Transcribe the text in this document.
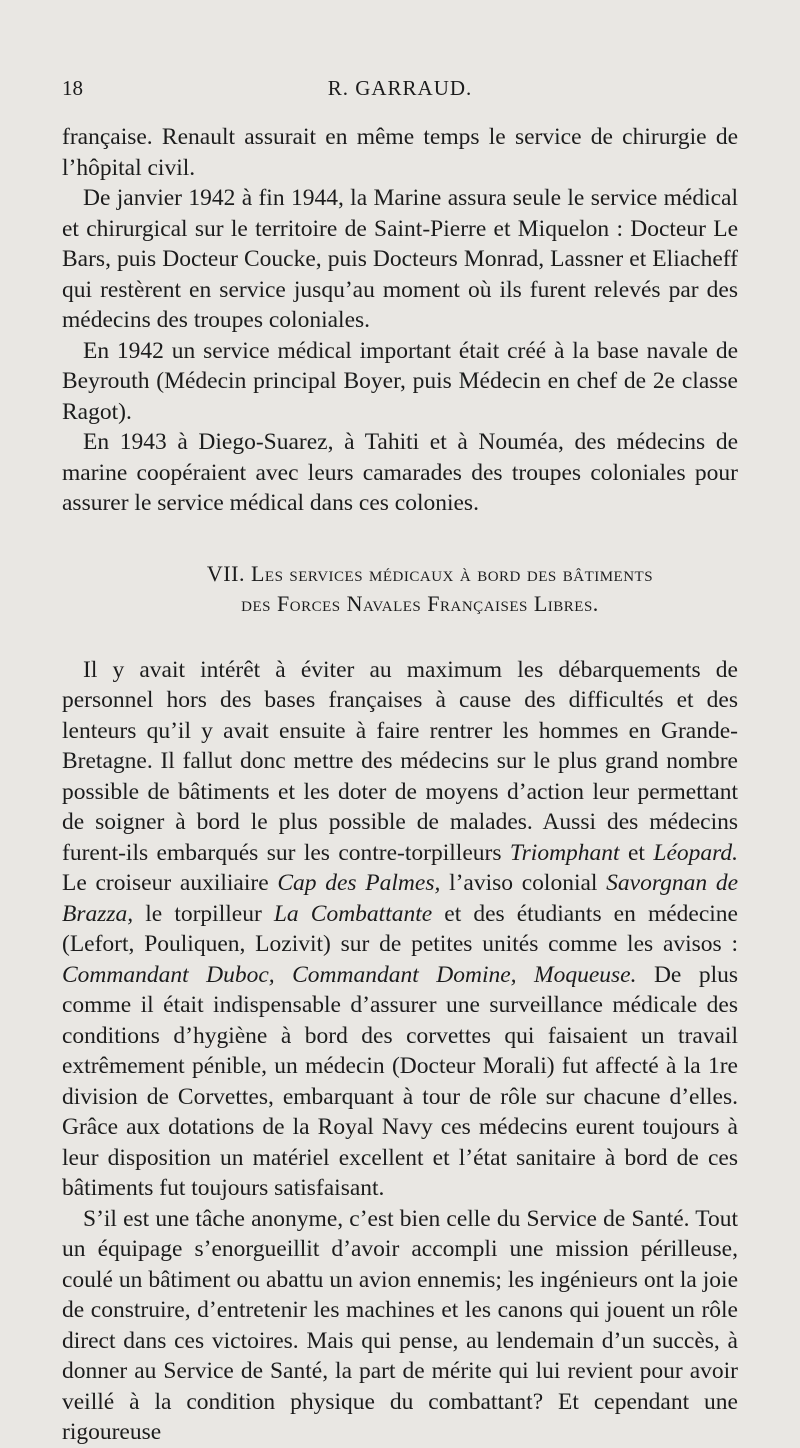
18	R. GARRAUD.

française. Renault assurait en même temps le service de chirurgie de l’hôpital civil.

De janvier 1942 à fin 1944, la Marine assura seule le service médical et chirurgical sur le territoire de Saint-Pierre et Miquelon : Docteur Le Bars, puis Docteur Coucke, puis Docteurs Monrad, Lassner et Eliacheff qui restèrent en service jusqu’au moment où ils furent relevés par des médecins des troupes coloniales.

En 1942 un service médical important était créé à la base navale de Beyrouth (Médecin principal Boyer, puis Médecin en chef de 2e classe Ragot).

En 1943 à Diego-Suarez, à Tahiti et à Nouméa, des médecins de marine coopéraient avec leurs camarades des troupes coloniales pour assurer le service médical dans ces colonies.

VII. Les services médicaux à bord des bâtiments
des Forces Navales Françaises Libres.

Il y avait intérêt à éviter au maximum les débarquements de personnel hors des bases françaises à cause des difficultés et des lenteurs qu’il y avait ensuite à faire rentrer les hommes en Grande-Bretagne. Il fallut donc mettre des médecins sur le plus grand nombre possible de bâtiments et les doter de moyens d’action leur permettant de soigner à bord le plus possible de malades. Aussi des médecins furent-ils embarqués sur les contre-torpilleurs Triomphant et Léopard. Le croiseur auxiliaire Cap des Palmes, l’aviso colonial Savorgnan de Brazza, le torpilleur La Combattante et des étudiants en médecine (Lefort, Pouliquen, Lozivit) sur de petites unités comme les avisos : Commandant Duboc, Commandant Domine, Moqueuse. De plus comme il était indispensable d’assurer une surveillance médicale des conditions d’hygiène à bord des corvettes qui faisaient un travail extrêmement pénible, un médecin (Docteur Morali) fut affecté à la 1re division de Corvettes, embarquant à tour de rôle sur chacune d’elles. Grâce aux dotations de la Royal Navy ces médecins eurent toujours à leur disposition un matériel excellent et l’état sanitaire à bord de ces bâtiments fut toujours satisfaisant.

S’il est une tâche anonyme, c’est bien celle du Service de Santé. Tout un équipage s’enorgueillit d’avoir accompli une mission périlleuse, coulé un bâtiment ou abattu un avion ennemis; les ingénieurs ont la joie de construire, d’entretenir les machines et les canons qui jouent un rôle direct dans ces victoires. Mais qui pense, au lendemain d’un succès, à donner au Service de Santé, la part de mérite qui lui revient pour avoir veillé à la condition physique du combattant? Et cependant une rigoureuse
